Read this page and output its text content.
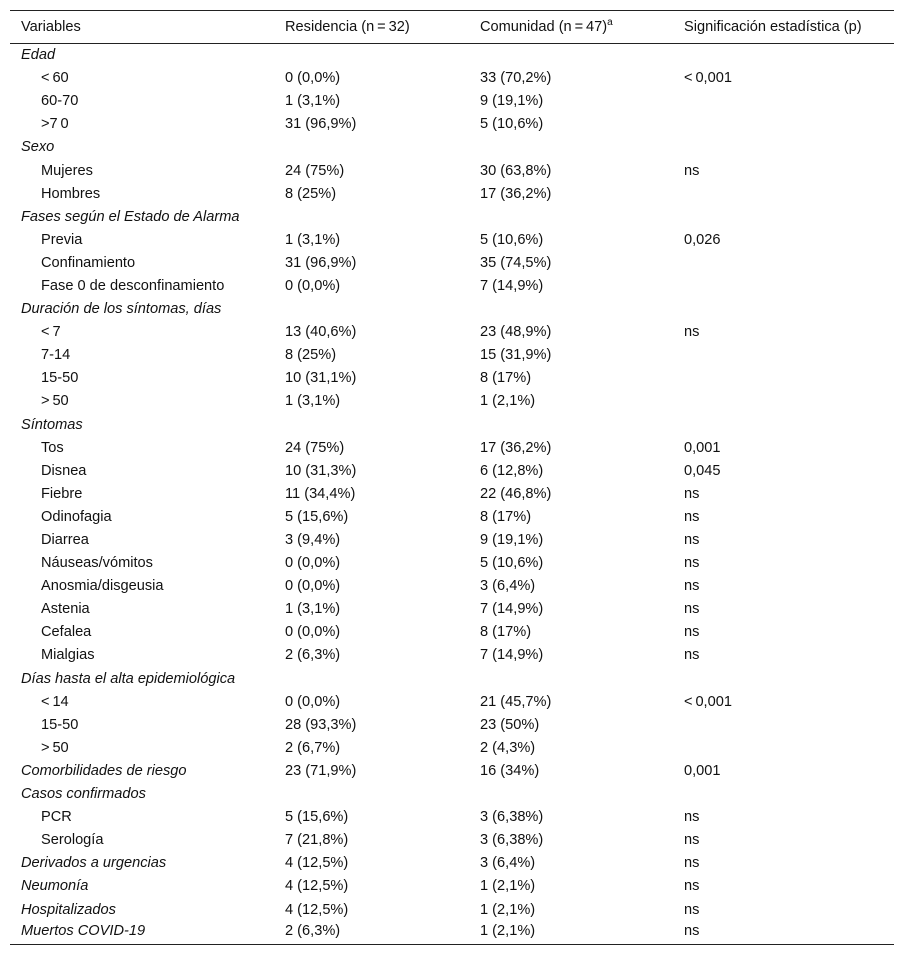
Variables	Residencia (n = 32)	Comunidad (n = 47)$^a$	Significación estadística (p)
Edad			
< 60	0 (0,0%)	33 (70,2%)	< 0,001
60-70	1 (3,1%)	9 (19,1%)	
>7 0	31 (96,9%)	5 (10,6%)	
Sexo			
Mujeres	24 (75%)	30 (63,8%)	ns
Hombres	8 (25%)	17 (36,2%)	
Fases según el Estado de Alarma			
Previa	1 (3,1%)	5 (10,6%)	0,026
Confinamiento	31 (96,9%)	35 (74,5%)	
Fase 0 de desconfinamiento	0 (0,0%)	7 (14,9%)	
Duración de los síntomas, días			
< 7	13 (40,6%)	23 (48,9%)	ns
7-14	8 (25%)	15 (31,9%)	
15-50	10 (31,1%)	8 (17%)	
> 50	1 (3,1%)	1 (2,1%)	
Síntomas			
Tos	24 (75%)	17 (36,2%)	0,001
Disnea	10 (31,3%)	6 (12,8%)	0,045
Fiebre	11 (34,4%)	22 (46,8%)	ns
Odinofagia	5 (15,6%)	8 (17%)	ns
Diarrea	3 (9,4%)	9 (19,1%)	ns
Náuseas/vómitos	0 (0,0%)	5 (10,6%)	ns
Anosmia/disgeusia	0 (0,0%)	3 (6,4%)	ns
Astenia	1 (3,1%)	7 (14,9%)	ns
Cefalea	0 (0,0%)	8 (17%)	ns
Mialgias	2 (6,3%)	7 (14,9%)	ns
Días hasta el alta epidemiológica			
< 14	0 (0,0%)	21 (45,7%)	< 0,001
15-50	28 (93,3%)	23 (50%)	
> 50	2 (6,7%)	2 (4,3%)	
Comorbilidades de riesgo	23 (71,9%)	16 (34%)	0,001
Casos confirmados			
PCR	5 (15,6%)	3 (6,38%)	ns
Serología	7 (21,8%)	3 (6,38%)	ns
Derivados a urgencias	4 (12,5%)	3 (6,4%)	ns
Neumonía	4 (12,5%)	1 (2,1%)	ns
Hospitalizados	4 (12,5%)	1 (2,1%)	ns
Muertos COVID-19	2 (6,3%)	1 (2,1%)	ns
